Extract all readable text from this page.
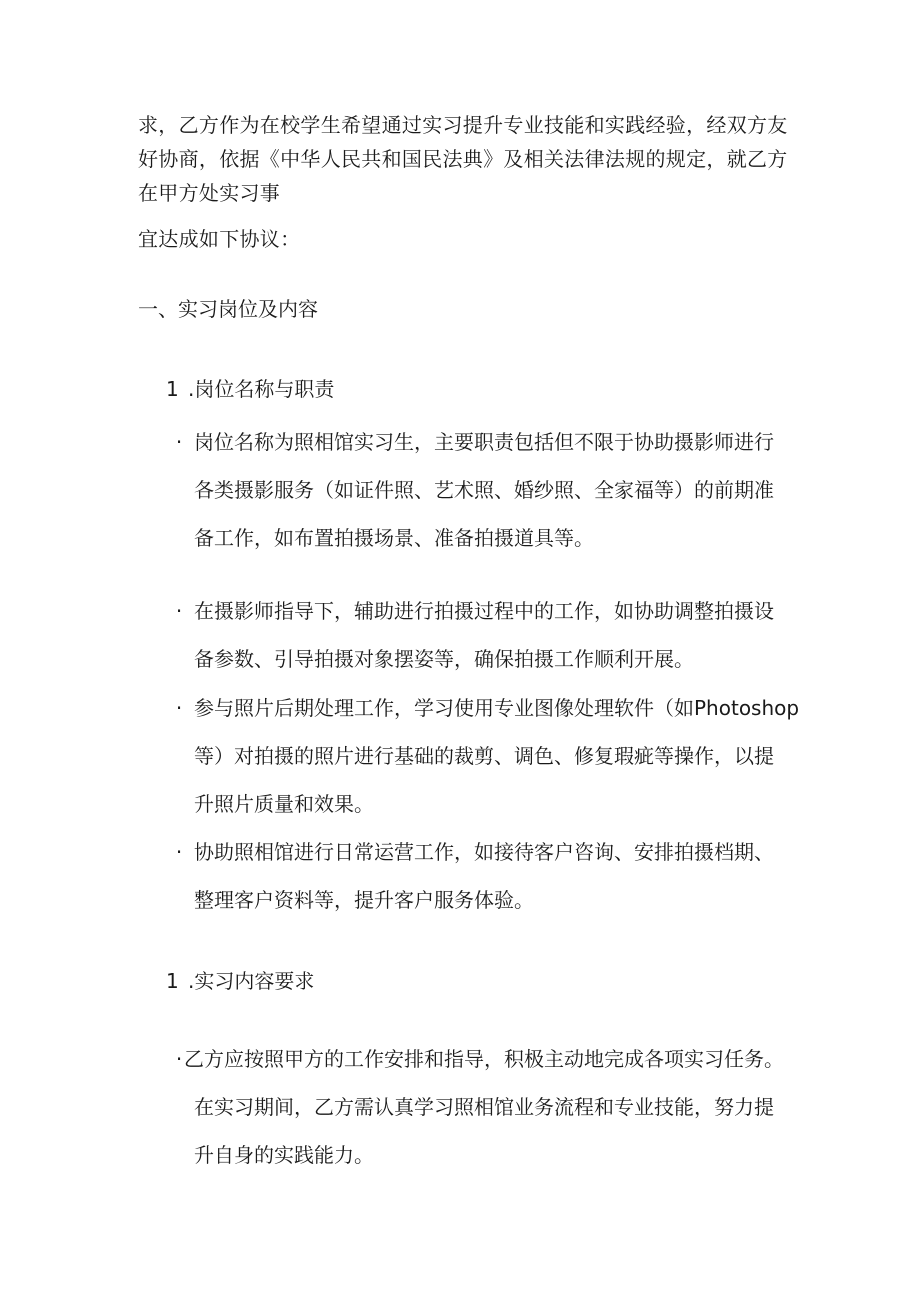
求，乙方作为在校学生希望通过实习提升专业技能和实践经验，经双方友
好协商，依据《中华人民共和国民法典》及相关法律法规的规定，就乙方
在甲方处实习事
宜达成如下协议：
一、实习岗位及内容
1 .岗位名称与职责
· 岗位名称为照相馆实习生，主要职责包括但不限于协助摄影师进行
各类摄影服务（如证件照、艺术照、婚纱照、全家福等）的前期准
备工作，如布置拍摄场景、准备拍摄道具等。
· 在摄影师指导下，辅助进行拍摄过程中的工作，如协助调整拍摄设
备参数、引导拍摄对象摆姿等，确保拍摄工作顺利开展。
· 参与照片后期处理工作，学习使用专业图像处理软件（如Photoshop
等）对拍摄的照片进行基础的裁剪、调色、修复瑕疵等操作，以提
升照片质量和效果。
· 协助照相馆进行日常运营工作，如接待客户咨询、安排拍摄档期、
整理客户资料等，提升客户服务体验。
1 .实习内容要求
· 乙方应按照甲方的工作安排和指导，积极主动地完成各项实习任务。
在实习期间，乙方需认真学习照相馆业务流程和专业技能，努力提
升自身的实践能力。
